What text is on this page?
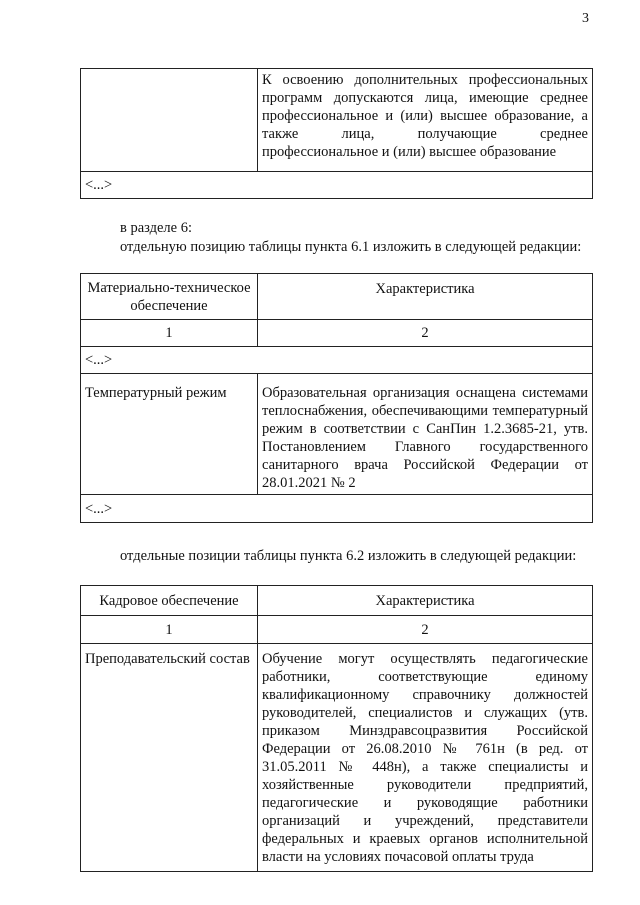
3
	К освоению дополнительных профессиональных программ допускаются лица, имеющие среднее профессиональное и (или) высшее образование, а также лица, получающие среднее профессиональное и (или) высшее образование
<...>
в разделе 6:
отдельную позицию таблицы пункта 6.1 изложить в следующей редакции:
Материально-техническое обеспечение	Характеристика
1	2
<...>	
Температурный режим	Образовательная организация оснащена системами теплоснабжения, обеспечивающими температурный режим в соответствии с СанПин 1.2.3685-21, утв. Постановлением Главного государственного санитарного врача Российской Федерации от 28.01.2021 № 2
<...>	
отдельные позиции таблицы пункта 6.2 изложить в следующей редакции:
Кадровое обеспечение	Характеристика
1	2
Преподавательский состав	Обучение могут осуществлять педагогические работники, соответствующие единому квалификационному справочнику должностей руководителей, специалистов и служащих (утв. приказом Минздравсоцразвития Российской Федерации от 26.08.2010 № 761н (в ред. от 31.05.2011 № 448н), а также специалисты и хозяйственные руководители предприятий, педагогические и руководящие работники организаций и учреждений, представители федеральных и краевых органов исполнительной власти на условиях почасовой оплаты труда
